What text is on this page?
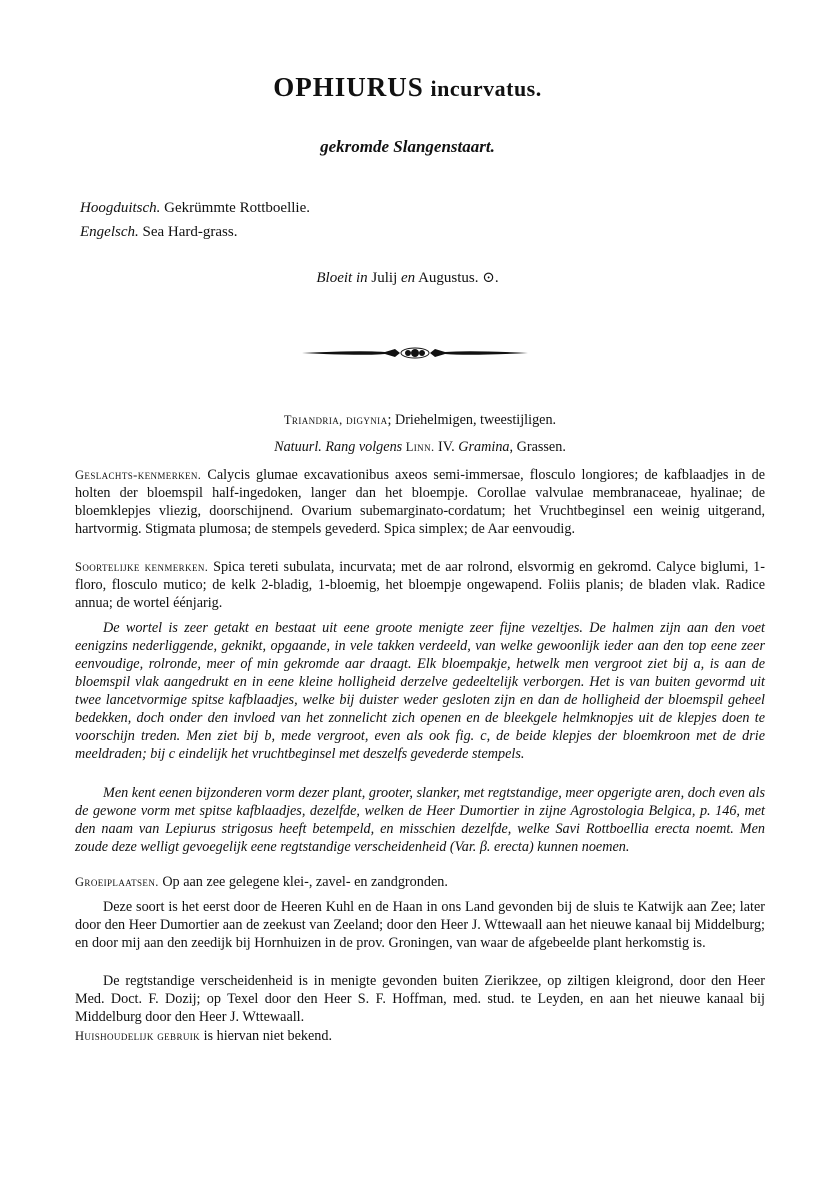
OPHIURUS incurvatus.
gekromde Slangenstaart.
Hoogduitsch. Gekrümmte Rottboellie.
Engelsch. Sea Hard-grass.
Bloeit in Julij en Augustus. ⊙.
Triandria, digynia; Driehelmigen, tweestijligen.
Natuurl. Rang volgens Linn. IV. Gramina, Grassen.

Geslachts-kenmerken. Calycis glumae excavationibus axeos semi-immersae, flosculo longiores; de kafblaadjes in de holten der bloemspil half-ingedoken, langer dan het bloempje. Corollae valvulae membranaceae, hyalinae; de bloemklepjes vliezig, doorschijnend. Ovarium subemarginato-cordatum; het Vruchtbeginsel een weinig uitgerand, hartvormig. Stigmata plumosa; de stempels gevederd. Spica simplex; de Aar eenvoudig.

Soortelijke kenmerken. Spica tereti subulata, incurvata; met de aar rolrond, elsvormig en gekromd. Calyce biglumi, 1-floro, flosculo mutico; de kelk 2-bladig, 1-bloemig, het bloempje ongewapend. Foliis planis; de bladen vlak. Radice annua; de wortel éénjarig.

De wortel is zeer getakt en bestaat uit eene groote menigte zeer fijne vezeltjes. De halmen zijn aan den voet eenigzins nederliggende, geknikt, opgaande, in vele takken verdeeld, van welke gewoonlijk ieder aan den top eene zeer eenvoudige, rolronde, meer of min gekromde aar draagt. Elk bloempakje, hetwelk men vergroot ziet bij a, is aan de bloemspil vlak aangedrukt en in eene kleine holligheid derzelve gedeeltelijk verborgen. Het is van buiten gevormd uit twee lancetvormige spitse kafblaadjes, welke bij duister weder gesloten zijn en dan de holligheid der bloemspil geheel bedekken, doch onder den invloed van het zonnelicht zich openen en de bleekgele helmknopjes uit de klepjes doen te voorschijn treden. Men ziet bij b, mede vergroot, even als ook fig. c, de beide klepjes der bloemkroon met de drie meeldraden; bij c eindelijk het vruchtbeginsel met deszelfs gevederde stempels.

Men kent eenen bijzonderen vorm dezer plant, grooter, slanker, met regtstandige, meer opgerigte aren, doch even als de gewone vorm met spitse kafblaadjes, dezelfde, welken de Heer Dumortier in zijne Agrostologia Belgica, p. 146, met den naam van Lepiurus strigosus heeft betempeld, en misschien dezelfde, welke Savi Rottboellia erecta noemt. Men zoude deze welligt gevoegelijk eene regtstandige verscheidenheid (Var. β. erecta) kunnen noemen.

Groeiplaatsen. Op aan zee gelegene klei-, zavel- en zandgronden.

Deze soort is het eerst door de Heeren Kuhl en de Haan in ons Land gevonden bij de sluis te Katwijk aan Zee; later door den Heer Dumortier aan de zeekust van Zeeland; door den Heer J. Wttewaall aan het nieuwe kanaal bij Middelburg; en door mij aan den zeedijk bij Hornhuizen in de prov. Groningen, van waar de afgebeelde plant herkomstig is.

De regtstandige verscheidenheid is in menigte gevonden buiten Zierikzee, op ziltigen kleigrond, door den Heer Med. Doct. F. Dozij; op Texel door den Heer S. F. Hoffman, med. stud. te Leyden, en aan het nieuwe kanaal bij Middelburg door den Heer J. Wttewaall.

Huishoudelijk gebruik is hiervan niet bekend.
